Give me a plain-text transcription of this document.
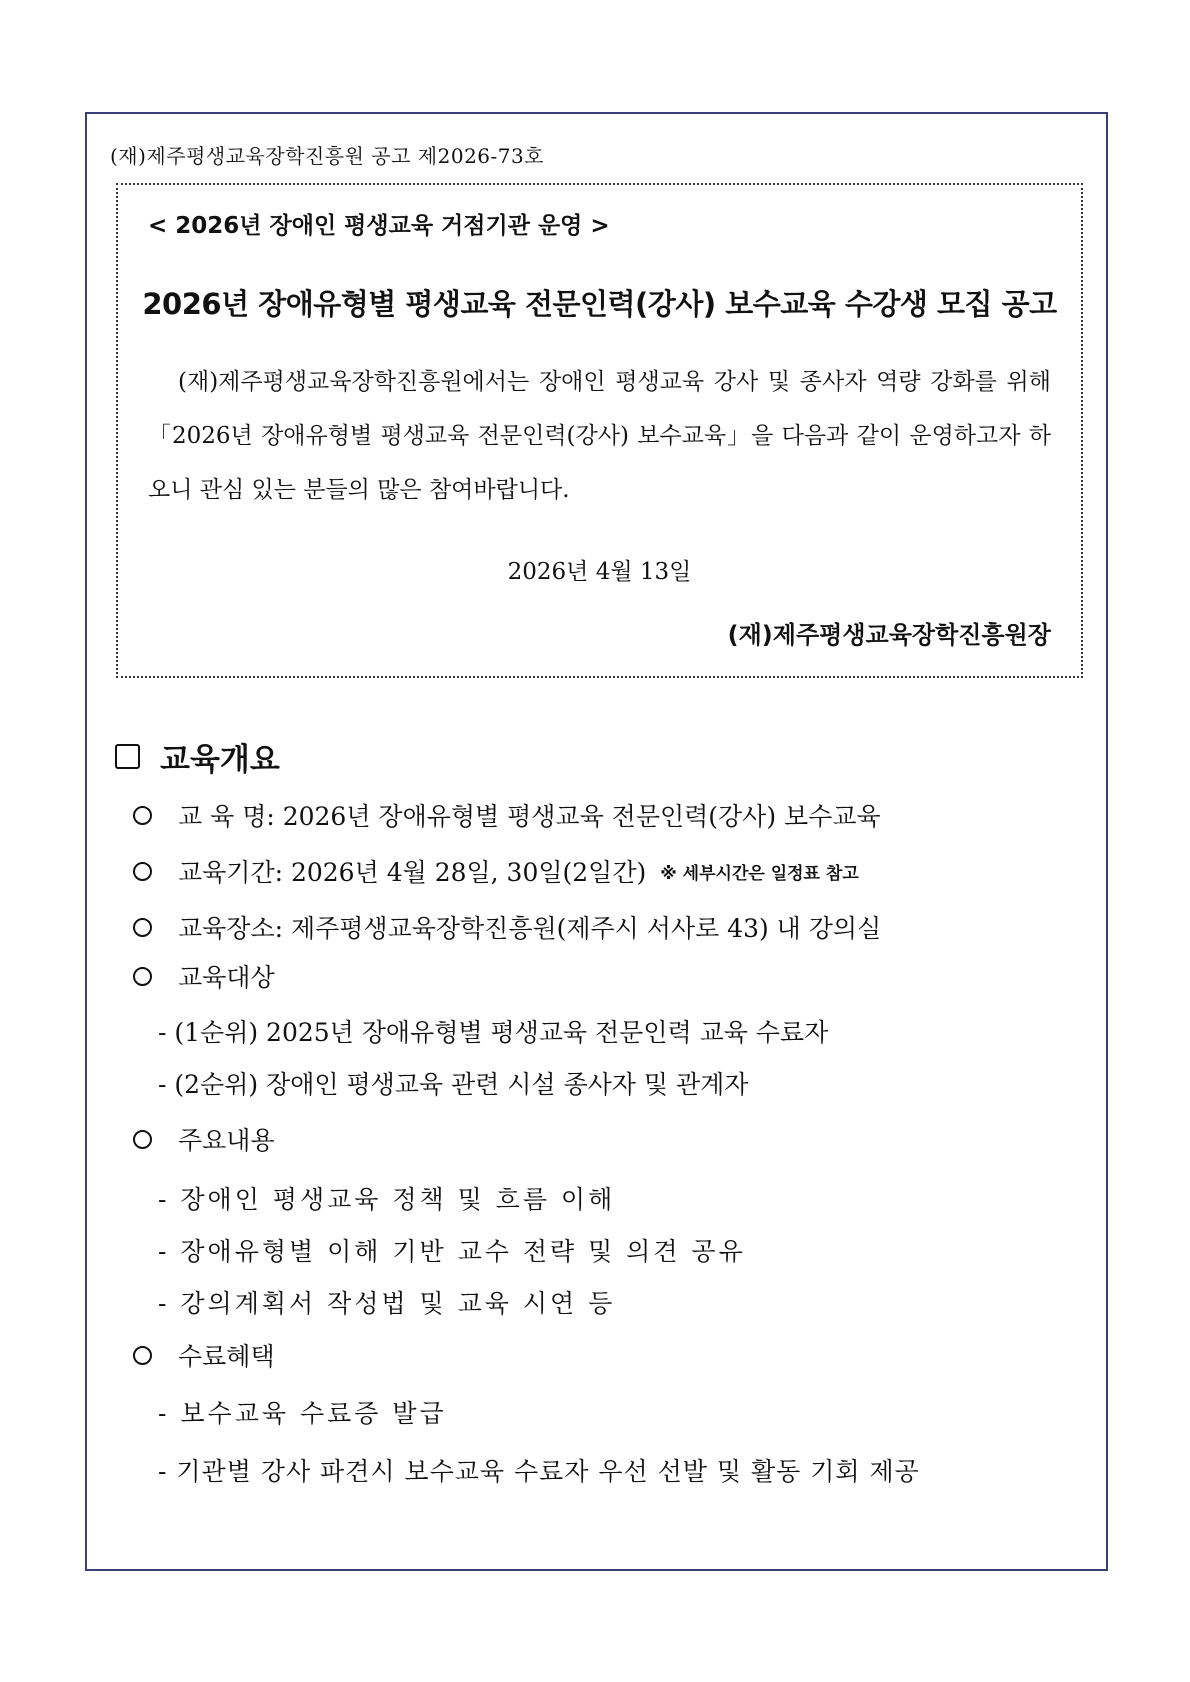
(재)제주평생교육장학진흥원 공고 제2026-73호
< 2026년 장애인 평생교육 거점기관 운영 >
2026년 장애유형별 평생교육 전문인력(강사) 보수교육 수강생 모집 공고
(재)제주평생교육장학진흥원에서는 장애인 평생교육 강사 및 종사자 역량 강화를 위해 「2026년 장애유형별 평생교육 전문인력(강사) 보수교육」을 다음과 같이 운영하고자 하오니 관심 있는 분들의 많은 참여바랍니다.
2026년 4월 13일
(재)제주평생교육장학진흥원장
교육개요
교 육 명: 2026년 장애유형별 평생교육 전문인력(강사) 보수교육
교육기간: 2026년 4월 28일, 30일(2일간) ※ 세부시간은 일정표 참고
교육장소: 제주평생교육장학진흥원(제주시 서사로 43) 내 강의실
교육대상
- (1순위) 2025년 장애유형별 평생교육 전문인력 교육 수료자
- (2순위) 장애인 평생교육 관련 시설 종사자 및 관계자
주요내용
- 장애인 평생교육 정책 및 흐름 이해
- 장애유형별 이해 기반 교수 전략 및 의견 공유
- 강의계획서 작성법 및 교육 시연 등
수료혜택
- 보수교육 수료증 발급
- 기관별 강사 파견시 보수교육 수료자 우선 선발 및 활동 기회 제공
